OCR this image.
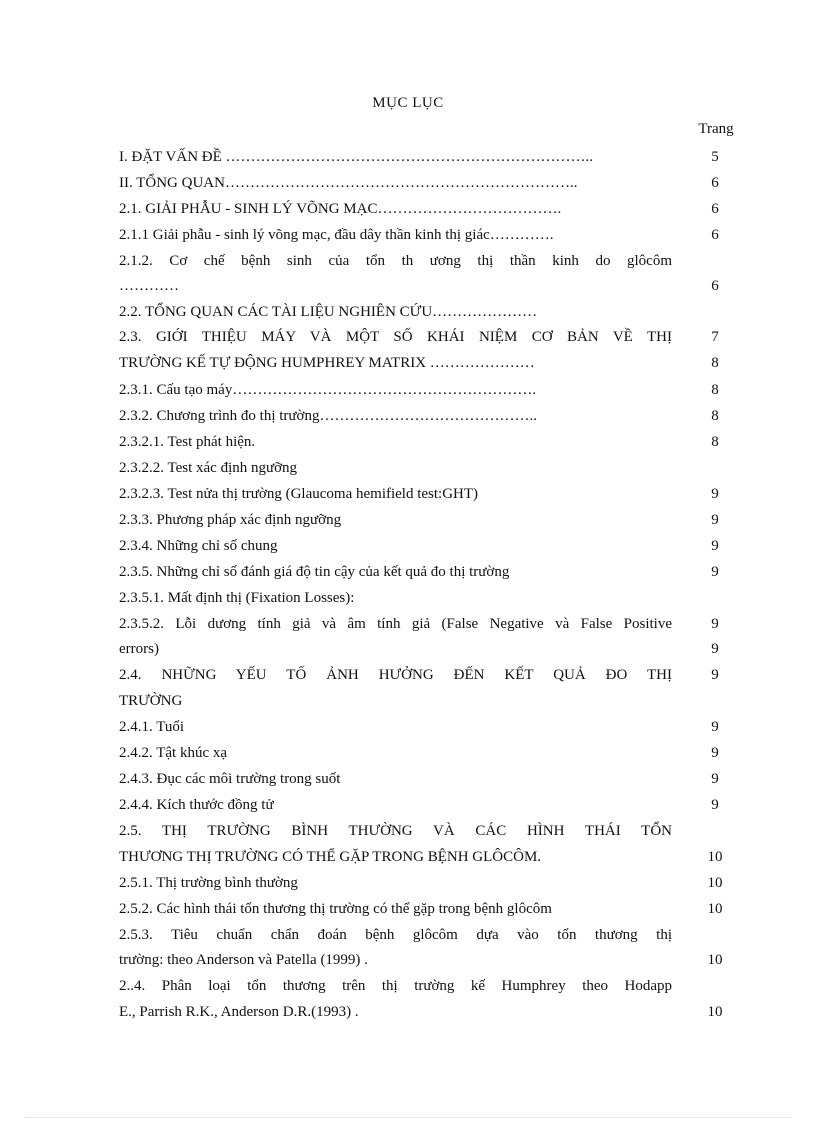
MỤC LỤC
Trang
I. ĐẶT VẤN ĐỀ ………………………………………………………………..
II. TỔNG QUAN……………………………………………………………..
2.1. GIẢI PHẪU - SINH LÝ VÕNG MẠC……………………………….
2.1.1 Giải phẫu - sinh lý võng mạc, đầu dây thần kinh thị giác………….
2.1.2. Cơ chế bệnh sinh của tổn th ương thị thần kinh do glôcôm
…………
2.2. TỔNG QUAN CÁC TÀI LIỆU NGHIÊN CỨU…………………
2.3. GIỚI THIỆU MÁY VÀ MỘT SỐ KHÁI NIỆM CƠ BẢN VỀ THỊ
TRƯỜNG KẾ TỰ ĐỘNG HUMPHREY MATRIX …………………
2.3.1. Cấu tạo máy…………………………………………………….
2.3.2. Chương trình đo thị trường……………………………………..
2.3.2.1. Test phát hiện.
2.3.2.2. Test xác định ngưỡng
2.3.2.3. Test nửa thị trường (Glaucoma hemifield test:GHT)
2.3.3. Phương pháp xác định ngưỡng
2.3.4. Những chỉ số chung
2.3.5. Những chỉ số đánh giá độ tin cậy của kết quả đo thị trường
2.3.5.1. Mất định thị (Fixation Losses):
2.3.5.2. Lỗi dương tính giả và âm tính giả (False Negative và False Positive
errors)
2.4. NHỮNG YẾU TỐ ẢNH HƯỞNG ĐẾN KẾT QUẢ ĐO THỊ
TRƯỜNG
2.4.1. Tuổi
2.4.2. Tật khúc xạ
2.4.3. Đục các môi trường trong suốt
2.4.4. Kích thước đồng tử
2.5. THỊ TRƯỜNG BÌNH THƯỜNG VÀ CÁC HÌNH THÁI TỔN
THƯƠNG THỊ TRƯỜNG CÓ THỂ GẶP TRONG BỆNH GLÔCÔM.
2.5.1. Thị trường bình thường
2.5.2. Các hình thái tổn thương thị trường có thể gặp trong bệnh glôcôm
2.5.3. Tiêu chuẩn chẩn đoán bệnh glôcôm dựa vào tổn thương thị
trường: theo Anderson và Patella (1999) .
2..4. Phân loại tổn thương trên thị trường kế Humphrey theo Hodapp
E., Parrish R.K., Anderson D.R.(1993) .
5
6
6
6
6
7
8
8
8
8
9
9
9
9
9
9
9
9
9
9
9
10
10
10
10
10
